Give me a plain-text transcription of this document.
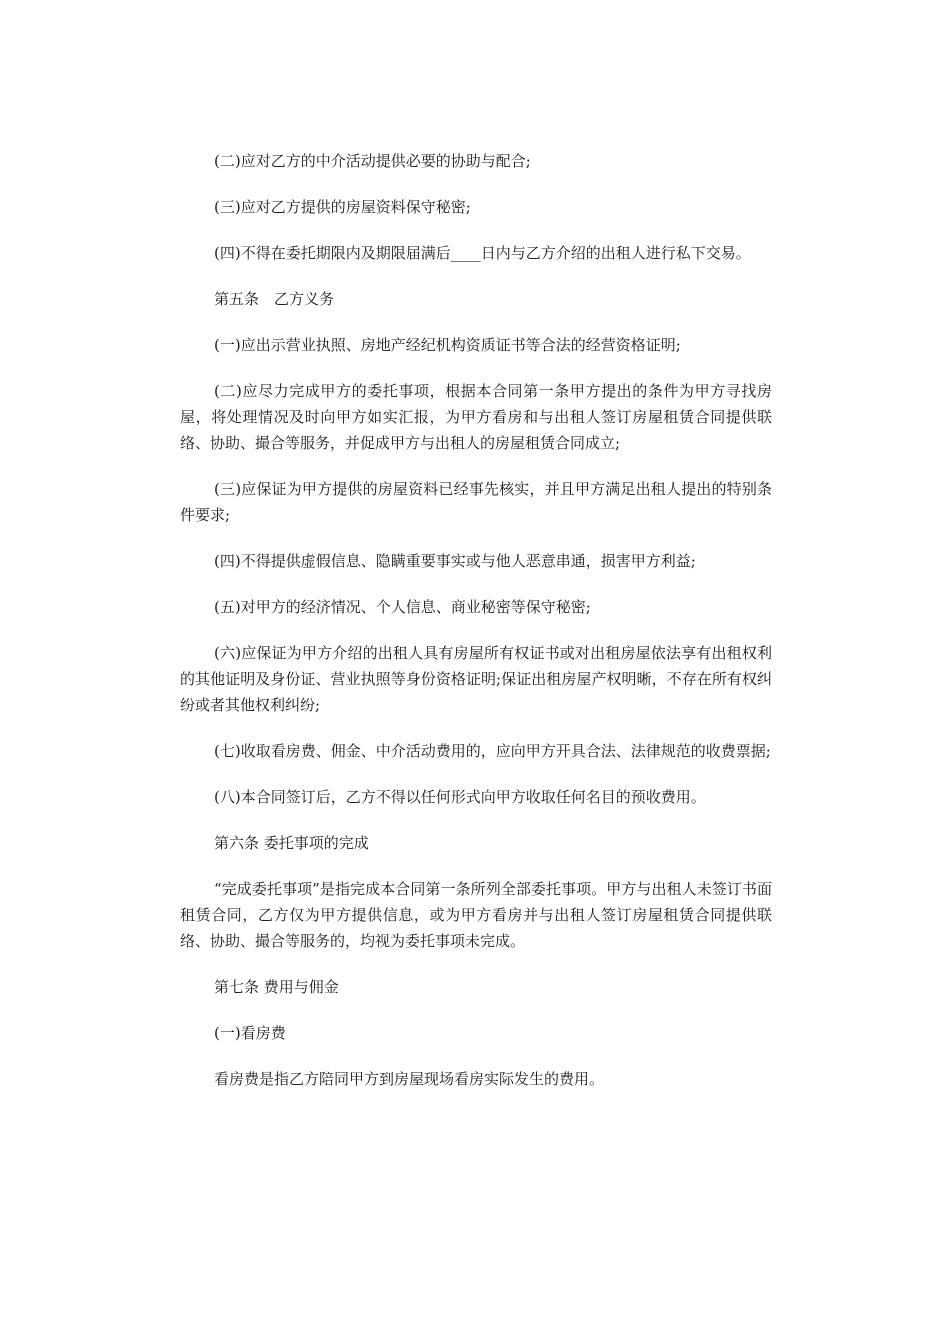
(二)应对乙方的中介活动提供必要的协助与配合;

(三)应对乙方提供的房屋资料保守秘密;

(四)不得在委托期限内及期限届满后____日内与乙方介绍的出租人进行私下交易。

第五条　乙方义务

(一)应出示营业执照、房地产经纪机构资质证书等合法的经营资格证明;

(二)应尽力完成甲方的委托事项，根据本合同第一条甲方提出的条件为甲方寻找房屋，将处理情况及时向甲方如实汇报，为甲方看房和与出租人签订房屋租赁合同提供联络、协助、撮合等服务，并促成甲方与出租人的房屋租赁合同成立;

(三)应保证为甲方提供的房屋资料已经事先核实，并且甲方满足出租人提出的特别条件要求;

(四)不得提供虚假信息、隐瞒重要事实或与他人恶意串通，损害甲方利益;

(五)对甲方的经济情况、个人信息、商业秘密等保守秘密;

(六)应保证为甲方介绍的出租人具有房屋所有权证书或对出租房屋依法享有出租权利的其他证明及身份证、营业执照等身份资格证明;保证出租房屋产权明晰，不存在所有权纠纷或者其他权利纠纷;

(七)收取看房费、佣金、中介活动费用的，应向甲方开具合法、法律规范的收费票据;

(八)本合同签订后，乙方不得以任何形式向甲方收取任何名目的预收费用。

第六条 委托事项的完成

“完成委托事项”是指完成本合同第一条所列全部委托事项。甲方与出租人未签订书面租赁合同，乙方仅为甲方提供信息，或为甲方看房并与出租人签订房屋租赁合同提供联络、协助、撮合等服务的，均视为委托事项未完成。

第七条 费用与佣金

(一)看房费

看房费是指乙方陪同甲方到房屋现场看房实际发生的费用。
